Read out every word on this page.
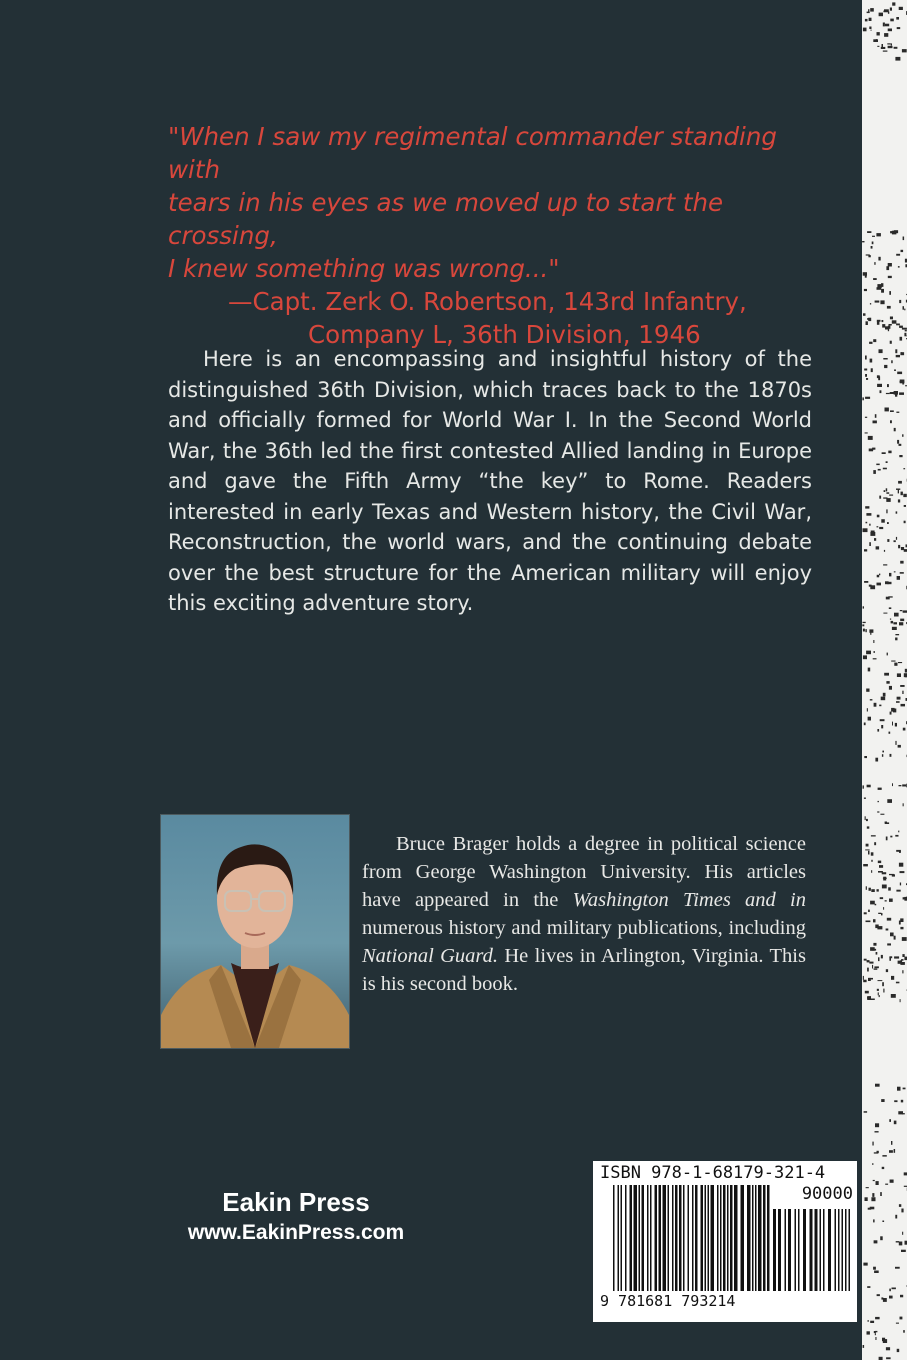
"When I saw my regimental commander standing with
tears in his eyes as we moved up to start the crossing,
I knew something was wrong..."
—Capt. Zerk O. Robertson, 143rd Infantry,
Company L, 36th Division, 1946

Here is an encompassing and insightful history of the distinguished 36th Division, which traces back to the 1870s and officially formed for World War I. In the Second World War, the 36th led the first contested Allied landing in Europe and gave the Fifth Army “the key” to Rome. Readers interested in early Texas and Western history, the Civil War, Reconstruction, the world wars, and the continuing debate over the best structure for the American military will enjoy this exciting adventure story.

Bruce Brager holds a degree in political science from George Washington University. His articles have appeared in the Washington Times and in numerous history and military publications, including National Guard. He lives in Arlington, Virginia. This is his second book.

Eakin Press
www.EakinPress.com
ISBN 978-1-68179-321-4
90000
9 781681 793214
